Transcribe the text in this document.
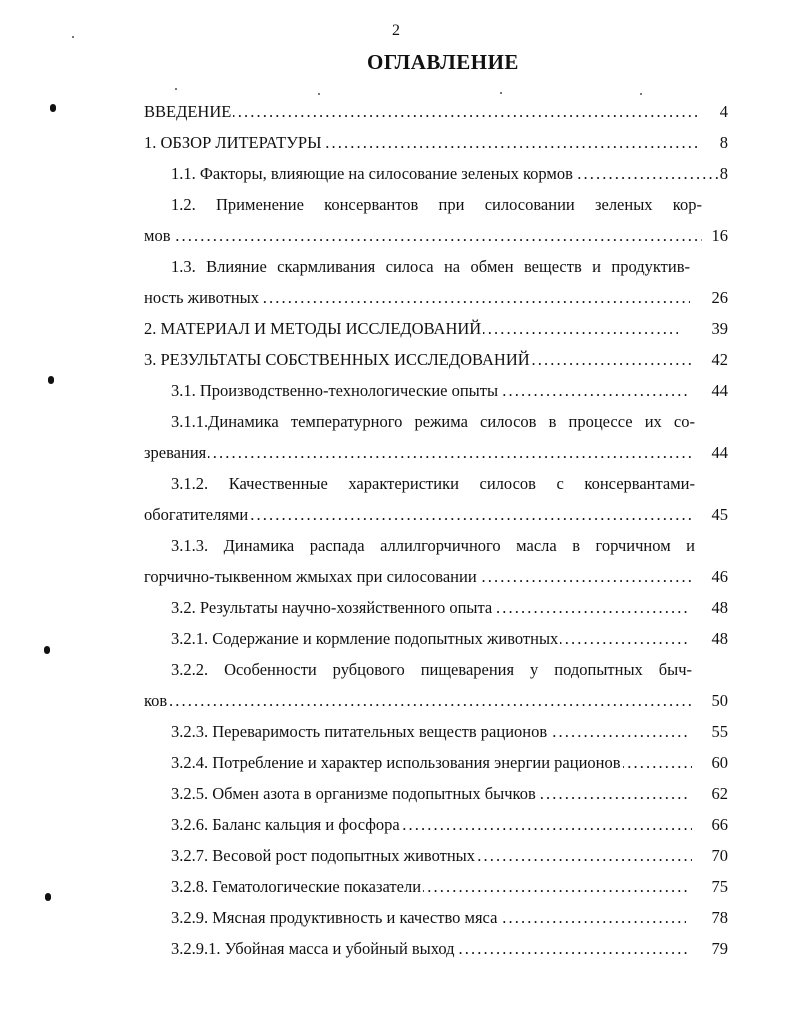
2
ОГЛАВЛЕНИЕ
. . . ВВЕДЕНИЕ	4
. . . 1. ОБЗОР ЛИТЕРАТУРЫ	8
. . . 1.1. Факторы, влияющие на силосование зеленых кормов	8
1.2. Применение консервантов при силосовании зеленых кор-
. . . мов	16
1.3. Влияние скармливания силоса на обмен веществ и продуктив-
. . . ность животных	26
. . . 2. МАТЕРИАЛ И МЕТОДЫ ИССЛЕДОВАНИЙ	39
. . . 3. РЕЗУЛЬТАТЫ СОБСТВЕННЫХ ИССЛЕДОВАНИЙ	42
. . . 3.1. Производственно-технологические опыты	44
3.1.1.Динамика температурного режима силосов в процессе их со-
. . . зревания	44
3.1.2. Качественные характеристики силосов с консервантами-
. . . обогатителями	45
3.1.3. Динамика распада аллилгорчичного масла в горчичном и
. . . горчично-тыквенном жмыхах при силосовании	46
. . . 3.2. Результаты научно-хозяйственного опыта	48
. . . 3.2.1. Содержание и кормление подопытных животных	48
3.2.2. Особенности рубцового пищеварения у подопытных быч-
. . . ков	50
. . . 3.2.3. Переваримость питательных веществ рационов	55
. . . 3.2.4. Потребление и характер использования энергии рационов	60
. . . 3.2.5. Обмен азота в организме подопытных бычков	62
. . . 3.2.6. Баланс кальция и фосфора	66
. . . 3.2.7. Весовой рост подопытных животных	70
. . . 3.2.8. Гематологические показатели	75
. . . 3.2.9. Мясная продуктивность и качество мяса	78
. . . 3.2.9.1. Убойная масса и убойный выход	79
